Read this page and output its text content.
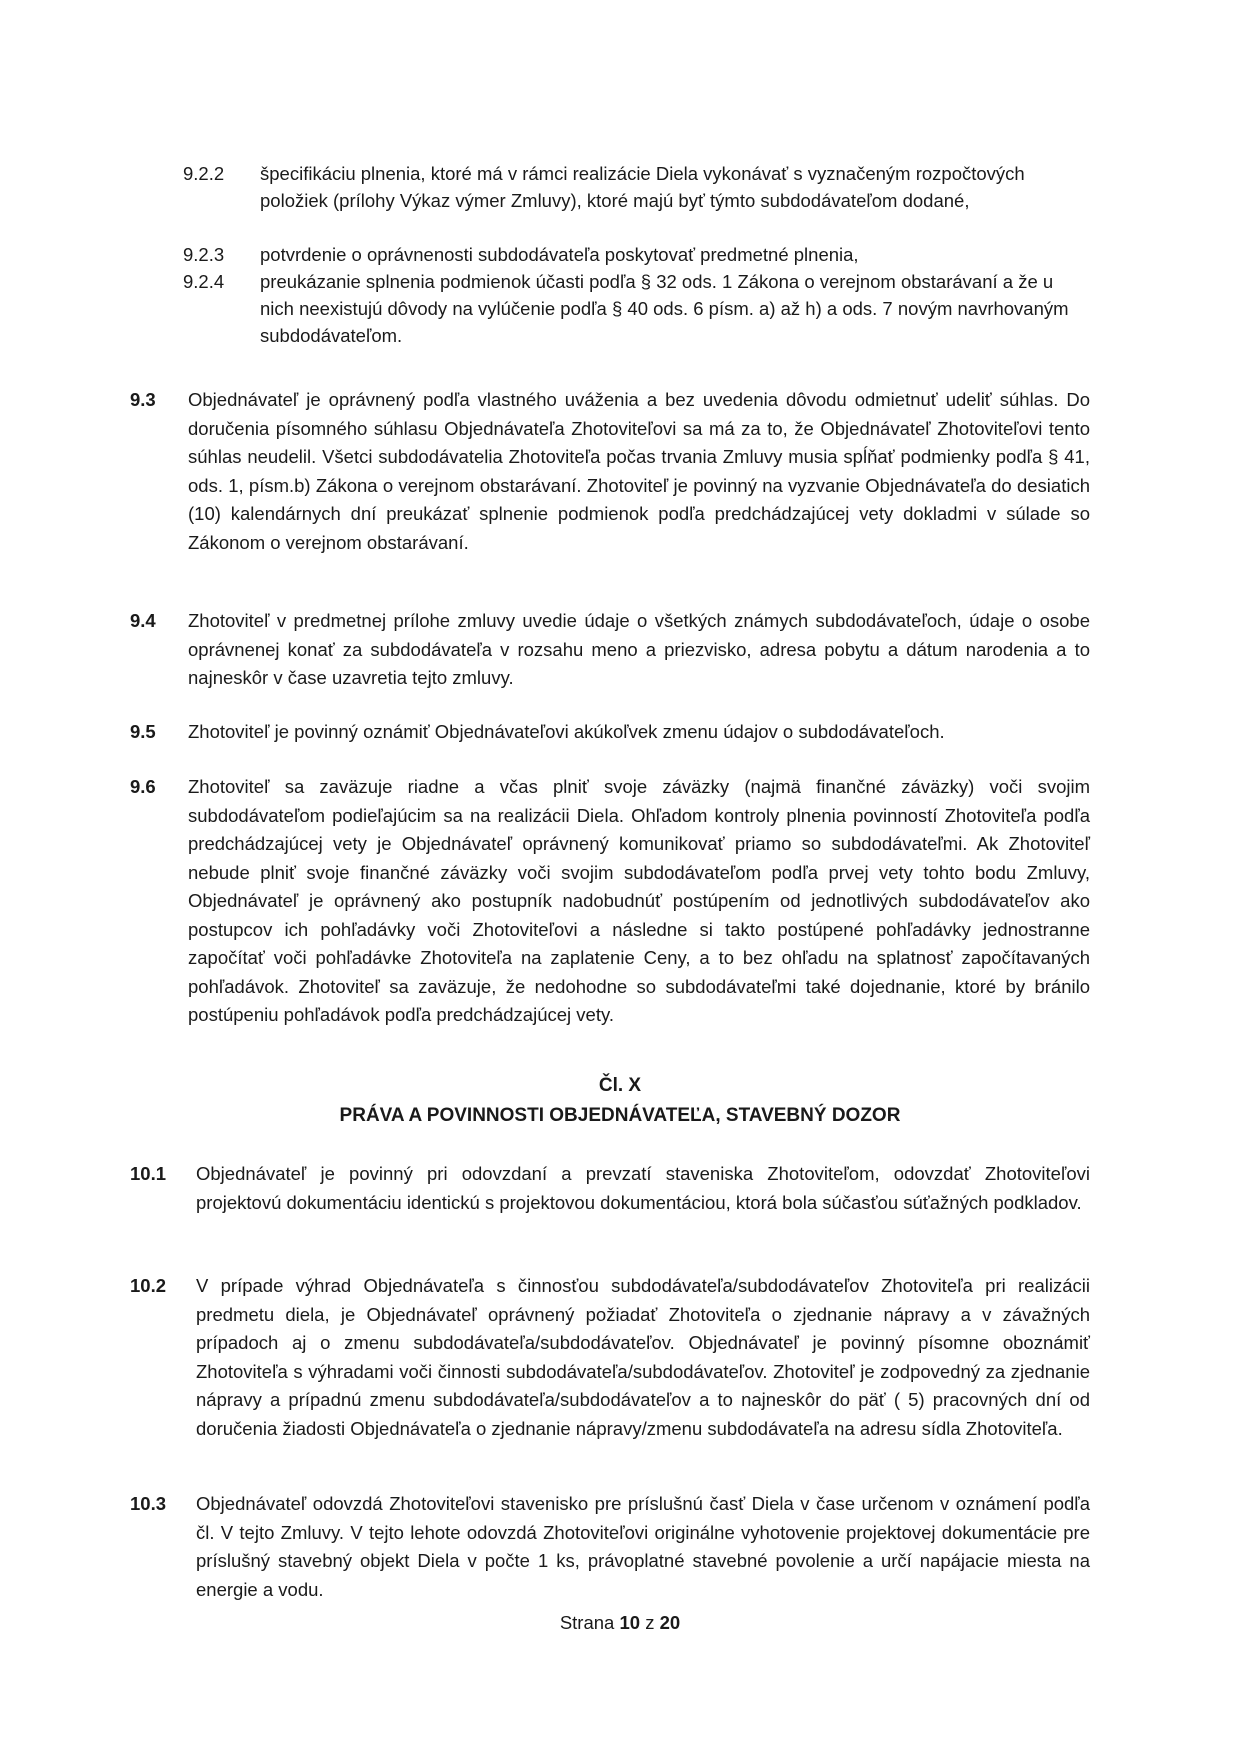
9.2.2 špecifikáciu plnenia, ktoré má v rámci realizácie Diela vykonávať s vyznačeným rozpočtových položiek (prílohy Výkaz výmer Zmluvy), ktoré majú byť týmto subdodávateľom dodané,
9.2.3 potvrdenie o oprávnenosti subdodávateľa poskytovať predmetné plnenia,
9.2.4 preukázanie splnenia podmienok účasti podľa § 32 ods. 1 Zákona o verejnom obstarávaní a že u nich neexistujú dôvody na vylúčenie podľa § 40 ods. 6 písm. a) až h) a ods. 7 novým navrhovaným subdodávateľom.
9.3 Objednávateľ je oprávnený podľa vlastného uváženia a bez uvedenia dôvodu odmietnuť udeliť súhlas. Do doručenia písomného súhlasu Objednávateľa Zhotoviteľovi sa má za to, že Objednávateľ Zhotoviteľovi tento súhlas neudelil. Všetci subdodávatelia Zhotoviteľa počas trvania Zmluvy musia spĺňať podmienky podľa § 41, ods. 1, písm.b) Zákona o verejnom obstarávaní. Zhotoviteľ je povinný na vyzvanie Objednávateľa do desiatich (10) kalendárnych dní preukázať splnenie podmienok podľa predchádzajúcej vety dokladmi v súlade so Zákonom o verejnom obstarávaní.
9.4 Zhotoviteľ v predmetnej prílohe zmluvy uvedie údaje o všetkých známych subdodávateľoch, údaje o osobe oprávnenej konať za subdodávateľa v rozsahu meno a priezvisko, adresa pobytu a dátum narodenia a to najneskôr v čase uzavretia tejto zmluvy.
9.5 Zhotoviteľ je povinný oznámiť Objednávateľovi akúkoľvek zmenu údajov o subdodávateľoch.
9.6 Zhotoviteľ sa zaväzuje riadne a včas plniť svoje záväzky (najmä finančné záväzky) voči svojim subdodávateľom podieľajúcim sa na realizácii Diela. Ohľadom kontroly plnenia povinností Zhotoviteľa podľa predchádzajúcej vety je Objednávateľ oprávnený komunikovať priamo so subdodávateľmi. Ak Zhotoviteľ nebude plniť svoje finančné záväzky voči svojim subdodávateľom podľa prvej vety tohto bodu Zmluvy, Objednávateľ je oprávnený ako postupník nadobudnúť postúpením od jednotlivých subdodávateľov ako postupcov ich pohľadávky voči Zhotoviteľovi a následne si takto postúpené pohľadávky jednostranne započítať voči pohľadávke Zhotoviteľa na zaplatenie Ceny, a to bez ohľadu na splatnosť započítavaných pohľadávok. Zhotoviteľ sa zaväzuje, že nedohodne so subdodávateľmi také dojednanie, ktoré by bránilo postúpeniu pohľadávok podľa predchádzajúcej vety.
Čl. X
PRÁVA A POVINNOSTI OBJEDNÁVATEĽA, STAVEBNÝ DOZOR
10.1 Objednávateľ je povinný pri odovzdaní a prevzatí staveniska Zhotoviteľom, odovzdať Zhotoviteľovi projektovú dokumentáciu identickú s projektovou dokumentáciou, ktorá bola súčasťou súťažných podkladov.
10.2 V prípade výhrad Objednávateľa s činnosťou subdodávateľa/subdodávateľov Zhotoviteľa pri realizácii predmetu diela, je Objednávateľ oprávnený požiadať Zhotoviteľa o zjednanie nápravy a v závažných prípadoch aj o zmenu subdodávateľa/subdodávateľov. Objednávateľ je povinný písomne oboznámiť Zhotoviteľa s výhradami voči činnosti subdodávateľa/subdodávateľov. Zhotoviteľ je zodpovedný za zjednanie nápravy a prípadnú zmenu subdodávateľa/subdodávateľov a to najneskôr do päť ( 5) pracovných dní od doručenia žiadosti Objednávateľa o zjednanie nápravy/zmenu subdodávateľa na adresu sídla Zhotoviteľa.
10.3 Objednávateľ odovzdá Zhotoviteľovi stavenisko pre príslušnú časť Diela v čase určenom v oznámení podľa čl. V tejto Zmluvy. V tejto lehote odovzdá Zhotoviteľovi originálne vyhotovenie projektovej dokumentácie pre príslušný stavebný objekt Diela v počte 1 ks, právoplatné stavebné povolenie a určí napájacie miesta na energie a vodu.
Strana 10 z 20
